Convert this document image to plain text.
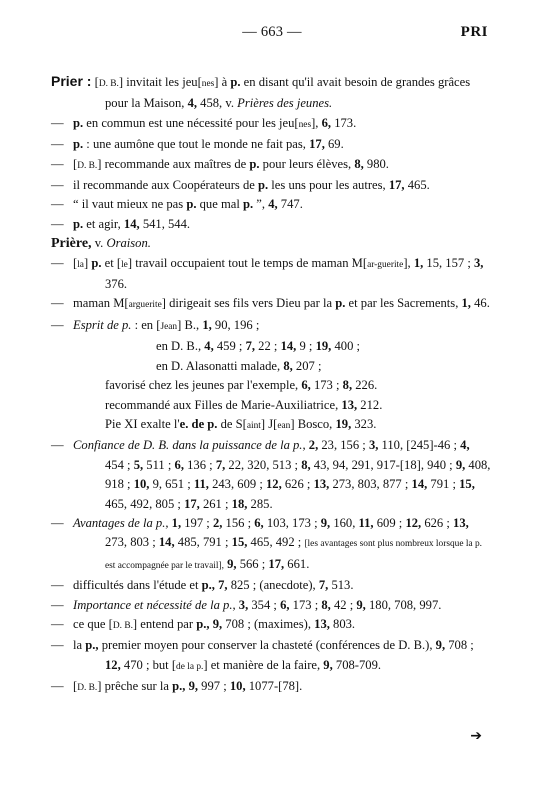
— 663 —	PRI
Prier : [D. B.] invitait les jeu[nes] à p. en disant qu'il avait besoin de grandes grâces pour la Maison, 4, 458, v. Prières des jeunes.
— p. en commun est une nécessité pour les jeu[nes], 6, 173.
— p. : une aumône que tout le monde ne fait pas, 17, 69.
— [D. B.] recommande aux maîtres de p. pour leurs élèves, 8, 980.
— il recommande aux Coopérateurs de p. les uns pour les autres, 17, 465.
— “ il vaut mieux ne pas p. que mal p. ”, 4, 747.
— p. et agir, 14, 541, 544.
Prière, v. Oraison.
— [la] p. et [le] travail occupaient tout le temps de maman M[ar-guerite], 1, 15, 157 ; 3, 376.
— maman M[arguerite] dirigeait ses fils vers Dieu par la p. et par les Sacrements, 1, 46.
— Esprit de p. : en [Jean] B., 1, 90, 196 ;
en D. B., 4, 459 ; 7, 22 ; 14, 9 ; 19, 400 ;
en D. Alasonatti malade, 8, 207 ;
favorisé chez les jeunes par l'exemple, 6, 173 ; 8, 226.
recommandé aux Filles de Marie-Auxiliatrice, 13, 212.
Pie XI exalte l'e. de p. de S[aint] J[ean] Bosco, 19, 323.
— Confiance de D. B. dans la puissance de la p., 2, 23, 156 ; 3, 110, [245]-46 ; 4, 454 ; 5, 511 ; 6, 136 ; 7, 22, 320, 513 ; 8, 43, 94, 291, 917-[18], 940 ; 9, 408, 918 ; 10, 9, 651 ; 11, 243, 609 ; 12, 626 ; 13, 273, 803, 877 ; 14, 791 ; 15, 465, 492, 805 ; 17, 261 ; 18, 285.
— Avantages de la p., 1, 197 ; 2, 156 ; 6, 103, 173 ; 9, 160, 11, 609 ; 12, 626 ; 13, 273, 803 ; 14, 485, 791 ; 15, 465, 492 ; [les avantages sont plus nombreux lorsque la p. est accompagnée par le travail], 9, 566 ; 17, 661.
— difficultés dans l'étude et p., 7, 825 ; (anecdote), 7, 513.
— Importance et nécessité de la p., 3, 354 ; 6, 173 ; 8, 42 ; 9, 180, 708, 997.
— ce que [D. B.] entend par p., 9, 708 ; (maximes), 13, 803.
— la p., premier moyen pour conserver la chasteté (conférences de D. B.), 9, 708 ; 12, 470 ; but [de la p.] et manière de la faire, 9, 708-709.
— [D. B.] prêche sur la p., 9, 997 ; 10, 1077-[78].
➔
